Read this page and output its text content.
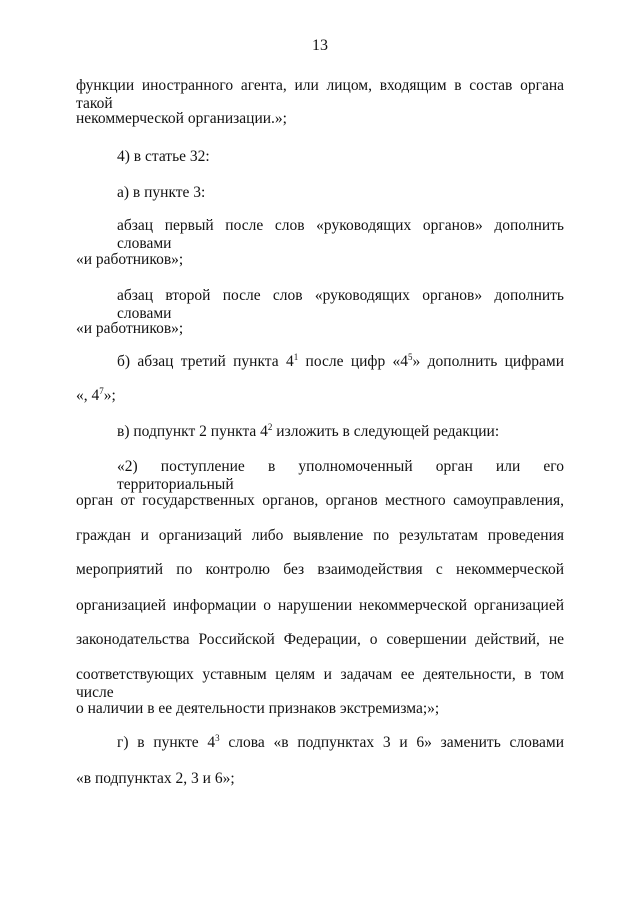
13
функции иностранного агента, или лицом, входящим в состав органа такой
некоммерческой организации.»;
4) в статье 32:
а) в пункте 3:
абзац первый после слов «руководящих органов» дополнить словами
«и работников»;
абзац второй после слов «руководящих органов» дополнить словами
«и работников»;
б) абзац третий пункта $4^1$ после цифр «$4^5$» дополнить цифрами
«, $4^7$»;
в) подпункт 2 пункта $4^2$ изложить в следующей редакции:
«2) поступление в уполномоченный орган или его территориальный
орган от государственных органов, органов местного самоуправления,
граждан и организаций либо выявление по результатам проведения
мероприятий по контролю без взаимодействия с некоммерческой
организацией информации о нарушении некоммерческой организацией
законодательства Российской Федерации, о совершении действий, не
соответствующих уставным целям и задачам ее деятельности, в том числе
о наличии в ее деятельности признаков экстремизма;»;
г) в пункте $4^3$ слова «в подпунктах 3 и 6» заменить словами
«в подпунктах 2, 3 и 6»;
